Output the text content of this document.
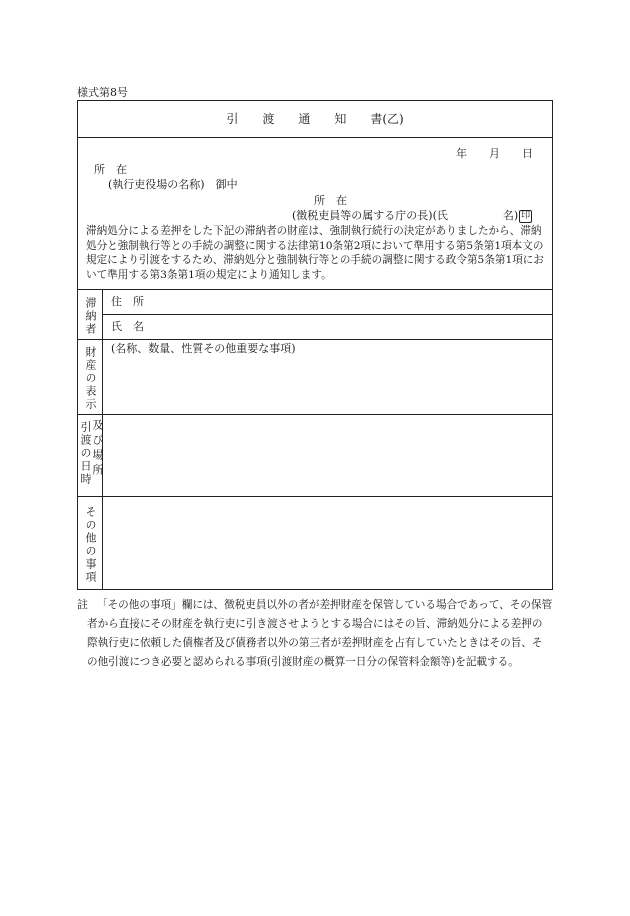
様式第8号
引　　渡　　通　　知　　書(乙)
年　　月　　日
所　在
(執行吏役場の名称)　御中
所　在
(徴税吏員等の属する庁の長)(氏　　　　　名) 印
滞納処分による差押をした下記の滞納者の財産は、強制執行続行の決定がありましたから、滞納処分と強制執行等との手続の調整に関する法律第10条第2項において準用する第5条第1項本文の規定により引渡をするため、滞納処分と強制執行等との手続の調整に関する政令第5条第1項において準用する第3条第1項の規定により通知します。
滞納者 住　所
氏　名
財産の表示 (名称、数量、性質その他重要な事項)
引渡の日時 及び場所
その他の事項
註 「その他の事項」欄には、徴税吏員以外の者が差押財産を保管している場合であって、その保管者から直接にその財産を執行吏に引き渡させようとする場合にはその旨、滞納処分による差押の際執行吏に依頼した債権者及び債務者以外の第三者が差押財産を占有していたときはその旨、その他引渡につき必要と認められる事項(引渡財産の概算一日分の保管料金額等)を記載する。
